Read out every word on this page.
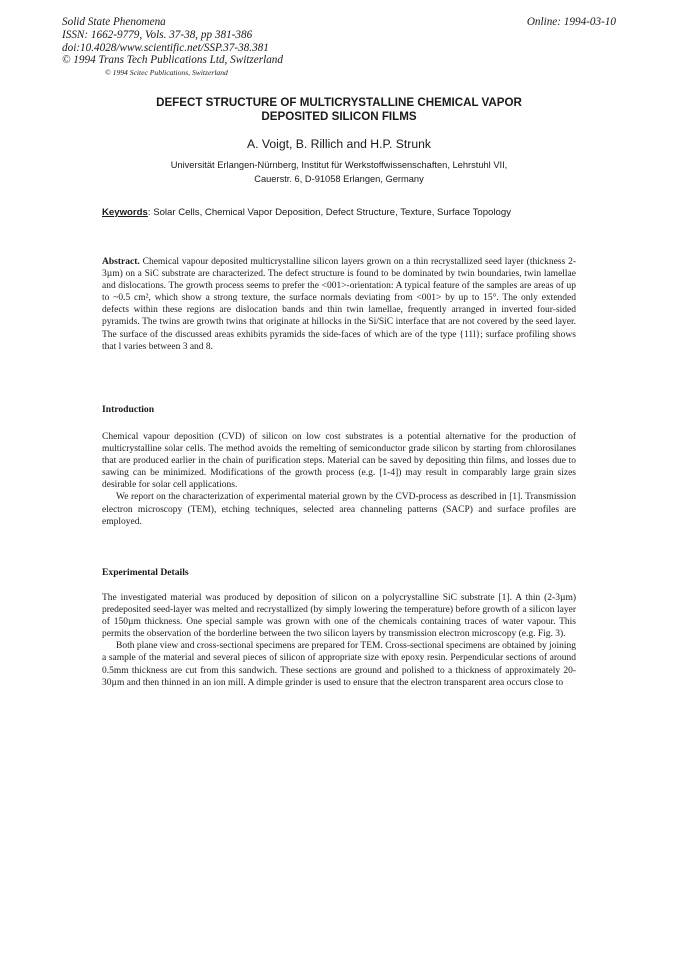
Solid State Phenomena
ISSN: 1662-9779, Vols. 37-38, pp 381-386
doi:10.4028/www.scientific.net/SSP.37-38.381
© 1994 Trans Tech Publications Ltd, Switzerland
Online: 1994-03-10
© 1994 Scitec Publications, Switzerland
DEFECT STRUCTURE OF MULTICRYSTALLINE CHEMICAL VAPOR
DEPOSITED SILICON FILMS
A. Voigt, B. Rillich and H.P. Strunk
Universität Erlangen-Nürnberg, Institut für Werkstoffwissenschaften, Lehrstuhl VII,
Cauerstr. 6, D-91058 Erlangen, Germany
Keywords: Solar Cells, Chemical Vapor Deposition, Defect Structure, Texture, Surface Topology

Abstract. Chemical vapour deposited multicrystalline silicon layers grown on a thin recrystallized seed layer (thickness 2-3µm) on a SiC substrate are characterized. The defect structure is found to be dominated by twin boundaries, twin lamellae and dislocations. The growth process seems to prefer the <001>-orientation: A typical feature of the samples are areas of up to ~0.5 cm², which show a strong texture, the surface normals deviating from <001> by up to 15°. The only extended defects within these regions are dislocation bands and thin twin lamellae, frequently arranged in inverted four-sided pyramids. The twins are growth twins that originate at hillocks in the Si/SiC interface that are not covered by the seed layer. The surface of the discussed areas exhibits pyramids the side-faces of which are of the type {11l}; surface profiling shows that l varies between 3 and 8.

Introduction

Chemical vapour deposition (CVD) of silicon on low cost substrates is a potential alternative for the production of multicrystalline solar cells. The method avoids the remelting of semiconductor grade silicon by starting from chlorosilanes that are produced earlier in the chain of purification steps. Material can be saved by depositing thin films, and losses due to sawing can be minimized. Modifications of the growth process (e.g. [1-4]) may result in comparably large grain sizes desirable for solar cell applications.

We report on the characterization of experimental material grown by the CVD-process as described in [1]. Transmission electron microscopy (TEM), etching techniques, selected area channeling patterns (SACP) and surface profiles are employed.

Experimental Details

The investigated material was produced by deposition of silicon on a polycrystalline SiC substrate [1]. A thin (2-3µm) predeposited seed-layer was melted and recrystallized (by simply lowering the temperature) before growth of a silicon layer of 150µm thickness. One special sample was grown with one of the chemicals containing traces of water vapour. This permits the observation of the borderline between the two silicon layers by transmission electron microscopy (e.g. Fig. 3).

Both plane view and cross-sectional specimens are prepared for TEM. Cross-sectional specimens are obtained by joining a sample of the material and several pieces of silicon of appropriate size with epoxy resin. Perpendicular sections of around 0.5mm thickness are cut from this sandwich. These sections are ground and polished to a thickness of approximately 20-30µm and then thinned in an ion mill. A dimple grinder is used to ensure that the electron transparent area occurs close to
